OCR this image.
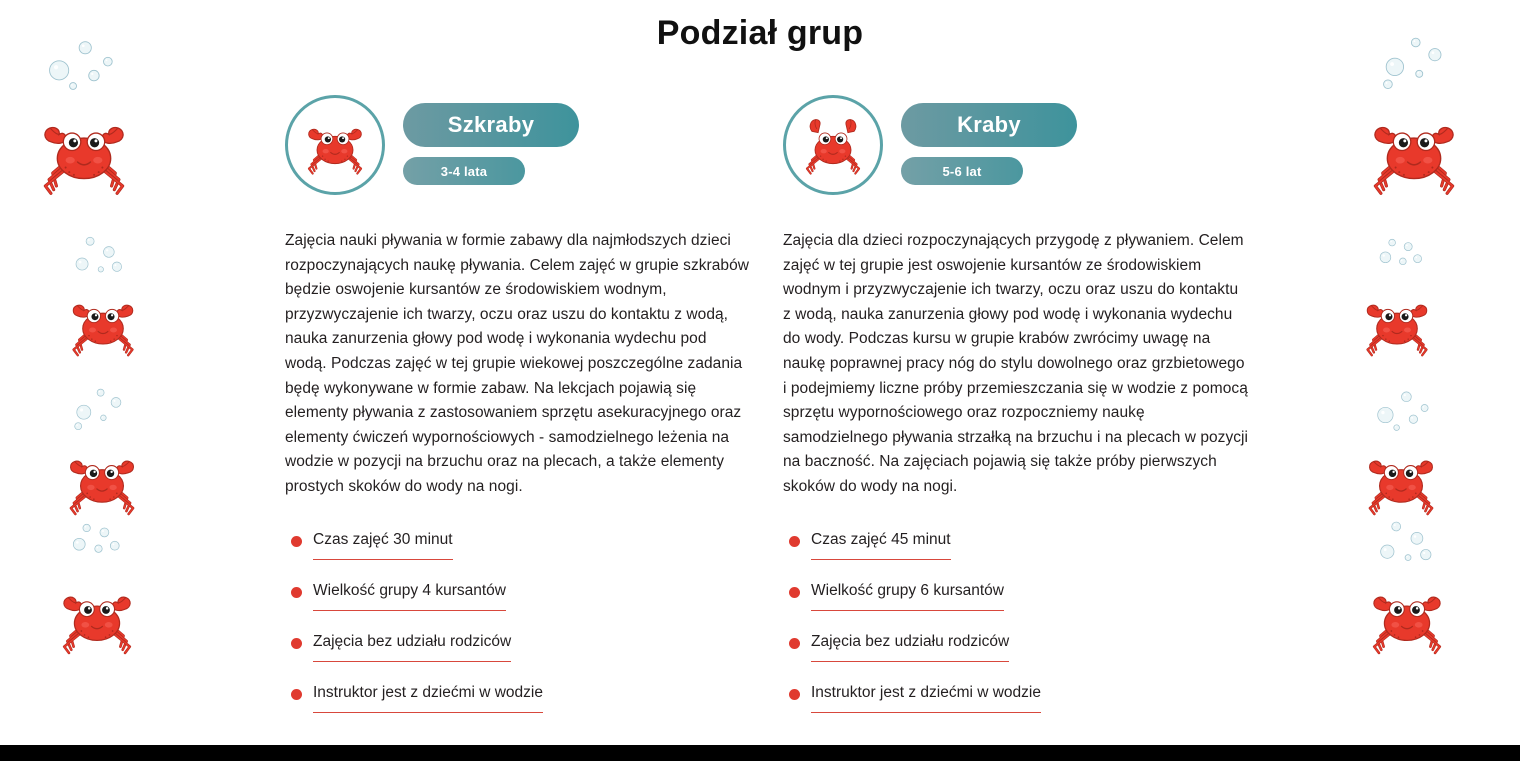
Podział grup
Szkraby
3-4 lata
Zajęcia nauki pływania w formie zabawy dla najmłodszych dzieci rozpoczynających naukę pływania. Celem zajęć w grupie szkrabów będzie oswojenie kursantów ze środowiskiem wodnym, przyzwyczajenie ich twarzy, oczu oraz uszu do kontaktu z wodą, nauka zanurzenia głowy pod wodę i wykonania wydechu pod wodą. Podczas zajęć w tej grupie wiekowej poszczególne zadania będę wykonywane w formie zabaw. Na lekcjach pojawią się elementy pływania z zastosowaniem sprzętu asekuracyjnego oraz elementy ćwiczeń wypornościowych - samodzielnego leżenia na wodzie w pozycji na brzuchu oraz na plecach, a także elementy prostych skoków do wody na nogi.
Czas zajęć 30 minut
Wielkość grupy 4 kursantów
Zajęcia bez udziału rodziców
Instruktor jest z dziećmi w wodzie
Kraby
5-6 lat
Zajęcia dla dzieci rozpoczynających przygodę z pływaniem. Celem zajęć w tej grupie jest oswojenie kursantów ze środowiskiem wodnym i przyzwyczajenie ich twarzy, oczu oraz uszu do kontaktu z wodą, nauka zanurzenia głowy pod wodę i wykonania wydechu do wody. Podczas kursu w grupie krabów zwrócimy uwagę na naukę poprawnej pracy nóg do stylu dowolnego oraz grzbietowego i podejmiemy liczne próby przemieszczania się w wodzie z pomocą sprzętu wypornościowego oraz rozpoczniemy naukę samodzielnego pływania strzałką na brzuchu i na plecach w pozycji na baczność. Na zajęciach pojawią się także próby pierwszych skoków do wody na nogi.
Czas zajęć 45 minut
Wielkość grupy 6 kursantów
Zajęcia bez udziału rodziców
Instruktor jest z dziećmi w wodzie
